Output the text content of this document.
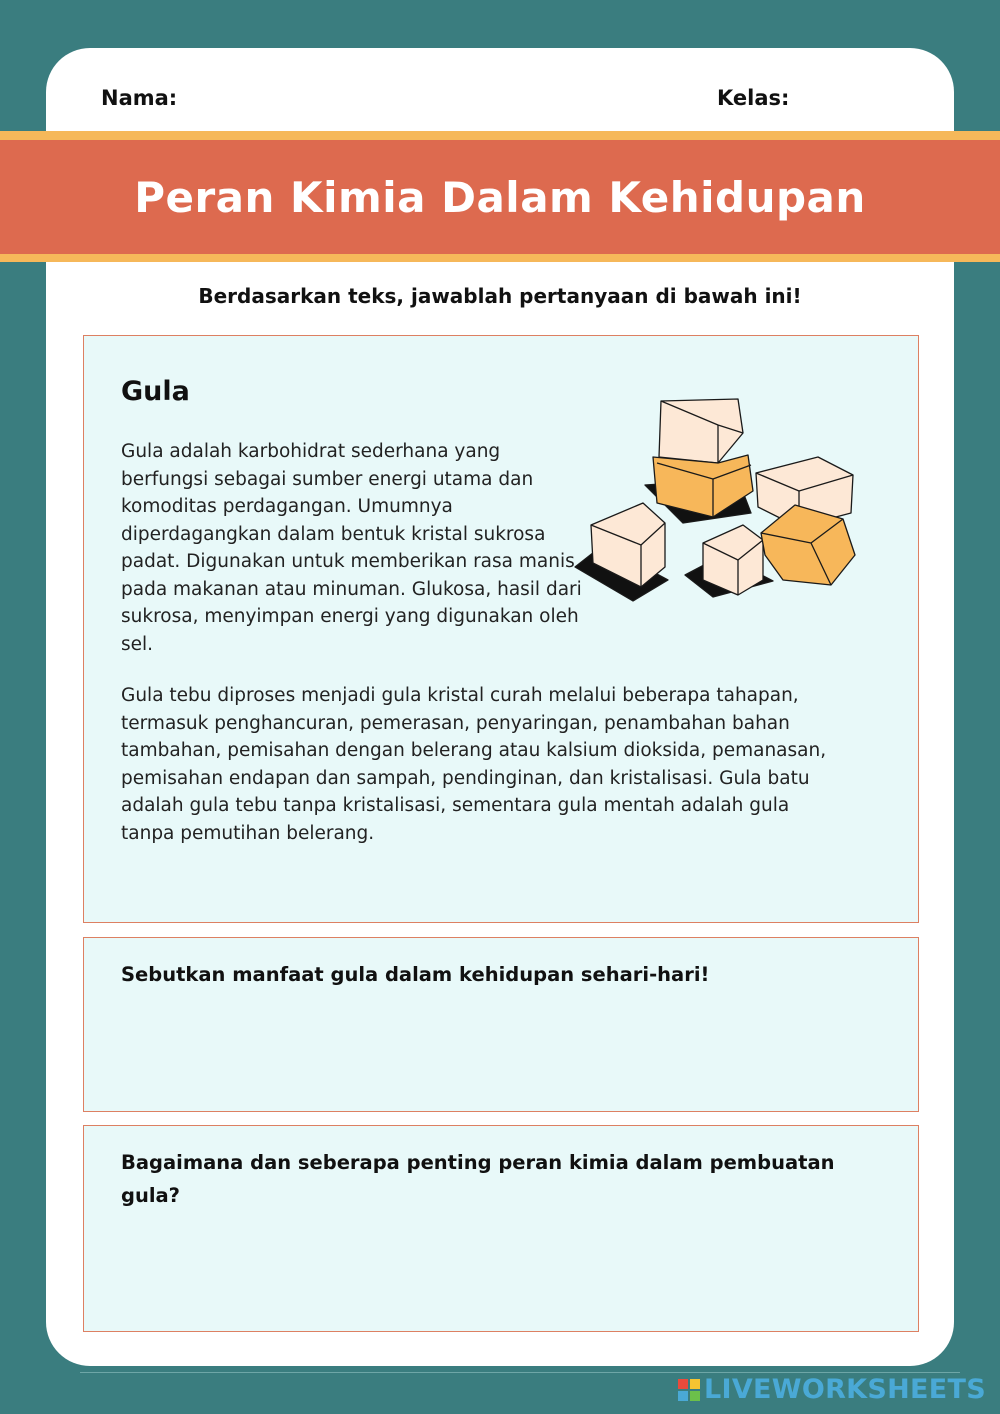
Nama:	Kelas:
Peran Kimia Dalam Kehidupan
Berdasarkan teks, jawablah pertanyaan di bawah ini!
Gula

Gula adalah karbohidrat sederhana yang berfungsi sebagai sumber energi utama dan komoditas perdagangan. Umumnya diperdagangkan dalam bentuk kristal sukrosa padat. Digunakan untuk memberikan rasa manis pada makanan atau minuman. Glukosa, hasil dari sukrosa, menyimpan energi yang digunakan oleh sel.

Gula tebu diproses menjadi gula kristal curah melalui beberapa tahapan, termasuk penghancuran, pemerasan, penyaringan, penambahan bahan tambahan, pemisahan dengan belerang atau kalsium dioksida, pemanasan, pemisahan endapan dan sampah, pendinginan, dan kristalisasi. Gula batu adalah gula tebu tanpa kristalisasi, sementara gula mentah adalah gula tanpa pemutihan belerang.

Sebutkan manfaat gula dalam kehidupan sehari-hari!

Bagaimana dan seberapa penting peran kimia dalam pembuatan gula?

LIVEWORKSHEETS
